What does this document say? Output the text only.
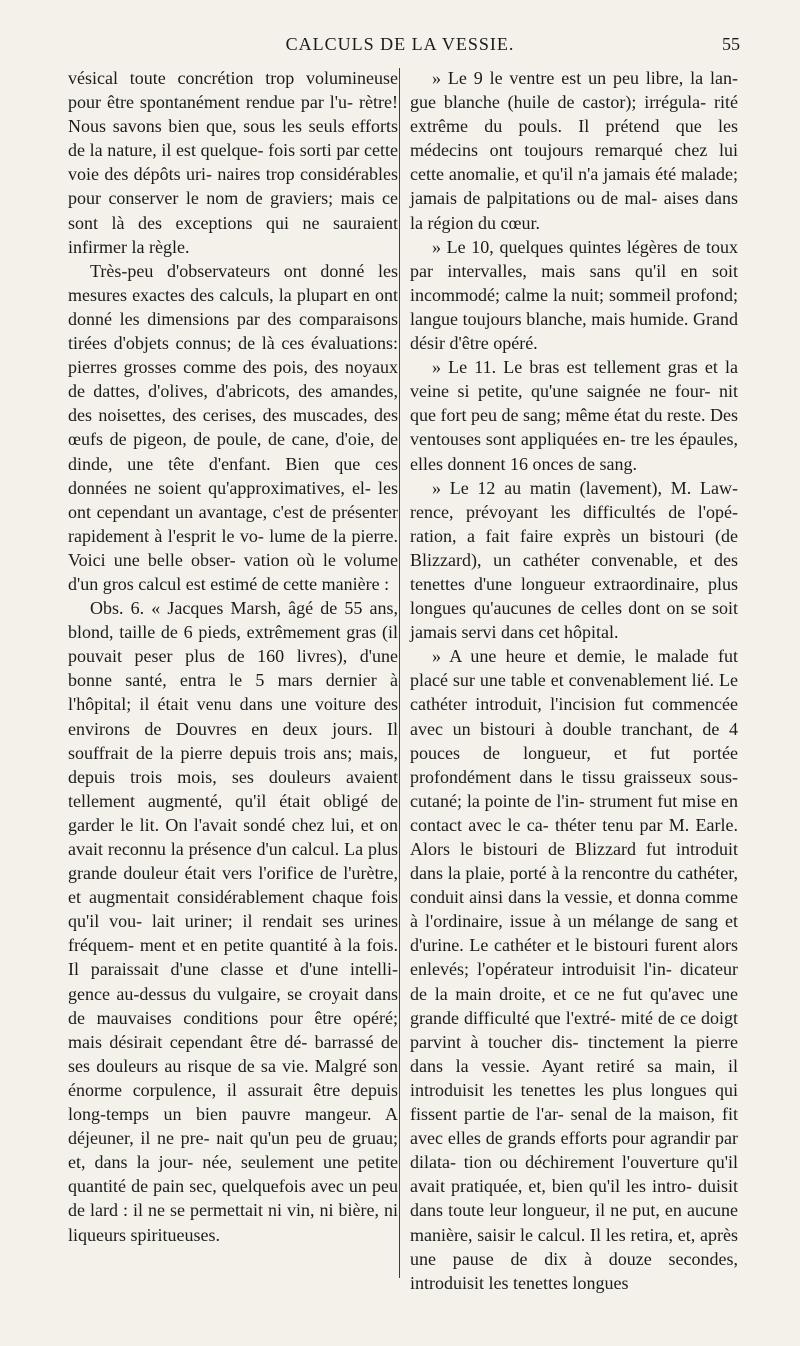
CALCULS DE LA VESSIE.	55

vésical toute concrétion trop volumineuse pour être spontanément rendue par l'u- rètre! Nous savons bien que, sous les seuls efforts de la nature, il est quelque- fois sorti par cette voie des dépôts uri- naires trop considérables pour conserver le nom de graviers; mais ce sont là des exceptions qui ne sauraient infirmer la règle.

Très-peu d'observateurs ont donné les mesures exactes des calculs, la plupart en ont donné les dimensions par des comparaisons tirées d'objets connus; de là ces évaluations: pierres grosses comme des pois, des noyaux de dattes, d'olives, d'abricots, des amandes, des noisettes, des cerises, des muscades, des œufs de pigeon, de poule, de cane, d'oie, de dinde, une tête d'enfant. Bien que ces données ne soient qu'approximatives, el- les ont cependant un avantage, c'est de présenter rapidement à l'esprit le vo- lume de la pierre. Voici une belle obser- vation où le volume d'un gros calcul est estimé de cette manière :

Obs. 6. « Jacques Marsh, âgé de 55 ans, blond, taille de 6 pieds, extrêmement gras (il pouvait peser plus de 160 livres), d'une bonne santé, entra le 5 mars dernier à l'hôpital; il était venu dans une voiture des environs de Douvres en deux jours. Il souffrait de la pierre depuis trois ans; mais, depuis trois mois, ses douleurs avaient tellement augmenté, qu'il était obligé de garder le lit. On l'avait sondé chez lui, et on avait reconnu la présence d'un calcul. La plus grande douleur était vers l'orifice de l'urètre, et augmentait considérablement chaque fois qu'il vou- lait uriner; il rendait ses urines fréquem- ment et en petite quantité à la fois. Il paraissait d'une classe et d'une intelli- gence au-dessus du vulgaire, se croyait dans de mauvaises conditions pour être opéré; mais désirait cependant être dé- barrassé de ses douleurs au risque de sa vie. Malgré son énorme corpulence, il assurait être depuis long-temps un bien pauvre mangeur. A déjeuner, il ne pre- nait qu'un peu de gruau; et, dans la jour- née, seulement une petite quantité de pain sec, quelquefois avec un peu de lard : il ne se permettait ni vin, ni bière, ni liqueurs spiritueuses.

» Le 9 le ventre est un peu libre, la lan- gue blanche (huile de castor); irrégula- rité extrême du pouls. Il prétend que les médecins ont toujours remarqué chez lui cette anomalie, et qu'il n'a jamais été malade; jamais de palpitations ou de mal- aises dans la région du cœur.

» Le 10, quelques quintes légères de toux par intervalles, mais sans qu'il en soit incommodé; calme la nuit; sommeil profond; langue toujours blanche, mais humide. Grand désir d'être opéré.

» Le 11. Le bras est tellement gras et la veine si petite, qu'une saignée ne four- nit que fort peu de sang; même état du reste. Des ventouses sont appliquées en- tre les épaules, elles donnent 16 onces de sang.

» Le 12 au matin (lavement), M. Law- rence, prévoyant les difficultés de l'opé- ration, a fait faire exprès un bistouri (de Blizzard), un cathéter convenable, et des tenettes d'une longueur extraordinaire, plus longues qu'aucunes de celles dont on se soit jamais servi dans cet hôpital.

» A une heure et demie, le malade fut placé sur une table et convenablement lié. Le cathéter introduit, l'incision fut commencée avec un bistouri à double tranchant, de 4 pouces de longueur, et fut portée profondément dans le tissu graisseux sous-cutané; la pointe de l'in- strument fut mise en contact avec le ca- théter tenu par M. Earle. Alors le bistouri de Blizzard fut introduit dans la plaie, porté à la rencontre du cathéter, conduit ainsi dans la vessie, et donna comme à l'ordinaire, issue à un mélange de sang et d'urine. Le cathéter et le bistouri furent alors enlevés; l'opérateur introduisit l'in- dicateur de la main droite, et ce ne fut qu'avec une grande difficulté que l'extré- mité de ce doigt parvint à toucher dis- tinctement la pierre dans la vessie. Ayant retiré sa main, il introduisit les tenettes les plus longues qui fissent partie de l'ar- senal de la maison, fit avec elles de grands efforts pour agrandir par dilata- tion ou déchirement l'ouverture qu'il avait pratiquée, et, bien qu'il les intro- duisit dans toute leur longueur, il ne put, en aucune manière, saisir le calcul. Il les retira, et, après une pause de dix à douze secondes, introduisit les tenettes longues
